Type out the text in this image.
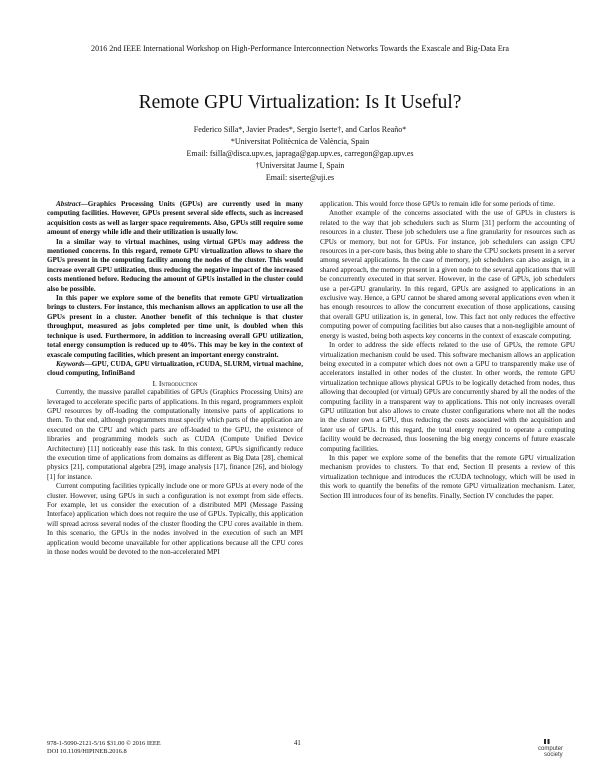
2016 2nd IEEE International Workshop on High-Performance Interconnection Networks Towards the Exascale and Big-Data Era
Remote GPU Virtualization: Is It Useful?
Federico Silla*, Javier Prades*, Sergio Iserte†, and Carlos Reaño*
*Universitat Politècnica de València, Spain
Email: fsilla@disca.upv.es, japraga@gap.upv.es, carregon@gap.upv.es
†Universitat Jaume I, Spain
Email: siserte@uji.es

Abstract—Graphics Processing Units (GPUs) are currently used in many computing facilities. However, GPUs present several side effects, such as increased acquisition costs as well as larger space requirements. Also, GPUs still require some amount of energy while idle and their utilization is usually low.

In a similar way to virtual machines, using virtual GPUs may address the mentioned concerns. In this regard, remote GPU virtualization allows to share the GPUs present in the computing facility among the nodes of the cluster. This would increase overall GPU utilization, thus reducing the negative impact of the increased costs mentioned before. Reducing the amount of GPUs installed in the cluster could also be possible.

In this paper we explore some of the benefits that remote GPU virtualization brings to clusters. For instance, this mechanism allows an application to use all the GPUs present in a cluster. Another benefit of this technique is that cluster throughput, measured as jobs completed per time unit, is doubled when this technique is used. Furthermore, in addition to increasing overall GPU utilization, total energy consumption is reduced up to 40%. This may be key in the context of exascale computing facilities, which present an important energy constraint.

Keywords—GPU, CUDA, GPU virtualization, rCUDA, SLURM, virtual machine, cloud computing, InfiniBand

I. Introduction

Currently, the massive parallel capabilities of GPUs (Graphics Processing Units) are leveraged to accelerate specific parts of applications. In this regard, programmers exploit GPU resources by off-loading the computationally intensive parts of applications to them. To that end, although programmers must specify which parts of the application are executed on the CPU and which parts are off-loaded to the GPU, the existence of libraries and programming models such as CUDA (Compute Unified Device Architecture) [11] noticeably ease this task. In this context, GPUs significantly reduce the execution time of applications from domains as different as Big Data [28], chemical physics [21], computational algebra [29], image analysis [17], finance [26], and biology [1] for instance.

Current computing facilities typically include one or more GPUs at every node of the cluster. However, using GPUs in such a configuration is not exempt from side effects. For example, let us consider the execution of a distributed MPI (Message Passing Interface) application which does not require the use of GPUs. Typically, this application will spread across several nodes of the cluster flooding the CPU cores available in them. In this scenario, the GPUs in the nodes involved in the execution of such an MPI application would become unavailable for other applications because all the CPU cores in those nodes would be devoted to the non-accelerated MPI

application. This would force those GPUs to remain idle for some periods of time.

Another example of the concerns associated with the use of GPUs in clusters is related to the way that job schedulers such as Slurm [31] perform the accounting of resources in a cluster. These job schedulers use a fine granularity for resources such as CPUs or memory, but not for GPUs. For instance, job schedulers can assign CPU resources in a per-core basis, thus being able to share the CPU sockets present in a server among several applications. In the case of memory, job schedulers can also assign, in a shared approach, the memory present in a given node to the several applications that will be concurrently executed in that server. However, in the case of GPUs, job schedulers use a per-GPU granularity. In this regard, GPUs are assigned to applications in an exclusive way. Hence, a GPU cannot be shared among several applications even when it has enough resources to allow the concurrent execution of those applications, causing that overall GPU utilization is, in general, low. This fact not only reduces the effective computing power of computing facilities but also causes that a non-negligible amount of energy is wasted, being both aspects key concerns in the context of exascale computing.

In order to address the side effects related to the use of GPUs, the remote GPU virtualization mechanism could be used. This software mechanism allows an application being executed in a computer which does not own a GPU to transparently make use of accelerators installed in other nodes of the cluster. In other words, the remote GPU virtualization technique allows physical GPUs to be logically detached from nodes, thus allowing that decoupled (or virtual) GPUs are concurrently shared by all the nodes of the computing facility in a transparent way to applications. This not only increases overall GPU utilization but also allows to create cluster configurations where not all the nodes in the cluster own a GPU, thus reducing the costs associated with the acquisition and later use of GPUs. In this regard, the total energy required to operate a computing facility would be decreased, thus loosening the big energy concerns of future exascale computing facilities.

In this paper we explore some of the benefits that the remote GPU virtualization mechanism provides to clusters. To that end, Section II presents a review of this virtualization technique and introduces the rCUDA technology, which will be used in this work to quantify the benefits of the remote GPU virtualization mechanism. Later, Section III introduces four of its benefits. Finally, Section IV concludes the paper.

978-1-5090-2121-5/16 $31.00 © 2016 IEEE
DOI 10.1109/HIPINEB.2016.8
41
computer
society
